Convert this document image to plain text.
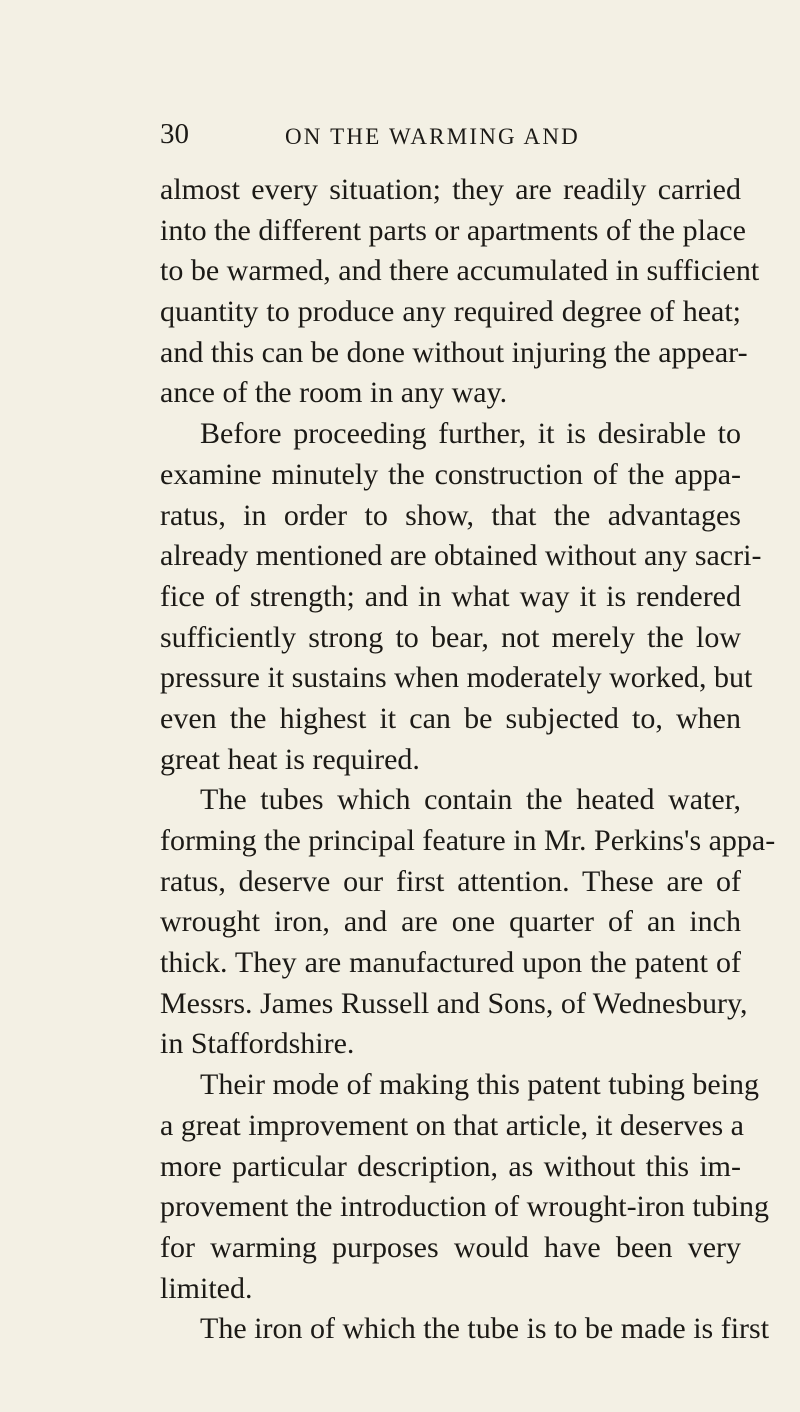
30	ON THE WARMING AND
almost every situation; they are readily carried
into the different parts or apartments of the place
to be warmed, and there accumulated in sufficient
quantity to produce any required degree of heat;
and this can be done without injuring the appear-
ance of the room in any way.
Before proceeding further, it is desirable to
examine minutely the construction of the appa-
ratus, in order to show, that the advantages
already mentioned are obtained without any sacri-
fice of strength; and in what way it is rendered
sufficiently strong to bear, not merely the low
pressure it sustains when moderately worked, but
even the highest it can be subjected to, when
great heat is required.
The tubes which contain the heated water,
forming the principal feature in Mr. Perkins's appa-
ratus, deserve our first attention. These are of
wrought iron, and are one quarter of an inch
thick. They are manufactured upon the patent of
Messrs. James Russell and Sons, of Wednesbury,
in Staffordshire.
Their mode of making this patent tubing being
a great improvement on that article, it deserves a
more particular description, as without this im-
provement the introduction of wrought-iron tubing
for warming purposes would have been very
limited.
The iron of which the tube is to be made is first
